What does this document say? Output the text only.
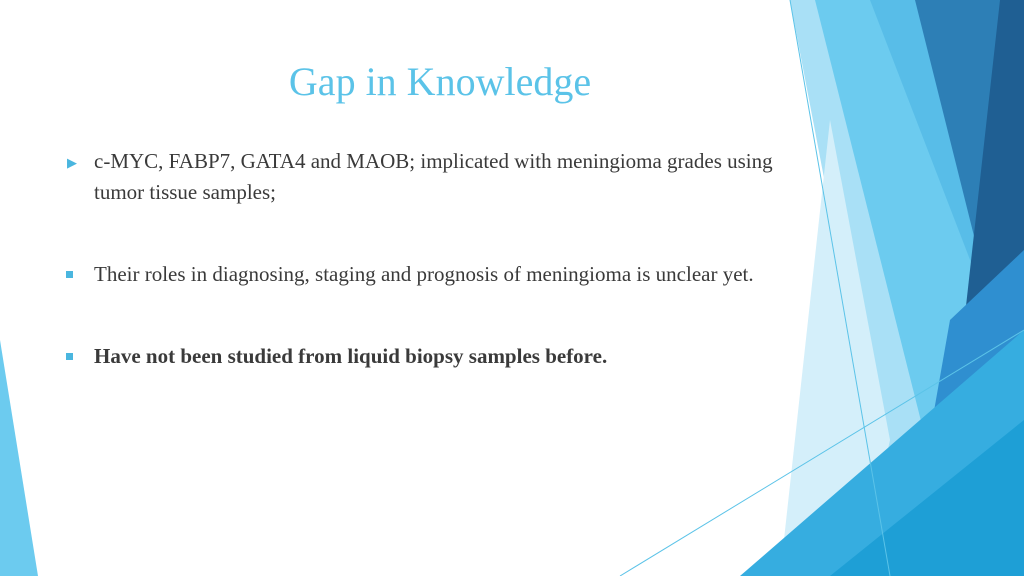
Gap in Knowledge
▶ c-MYC, FABP7, GATA4 and MAOB; implicated with meningioma grades using tumor tissue samples;
Their roles in diagnosing, staging and prognosis of meningioma is unclear yet.
Have not been studied from liquid biopsy samples before.
